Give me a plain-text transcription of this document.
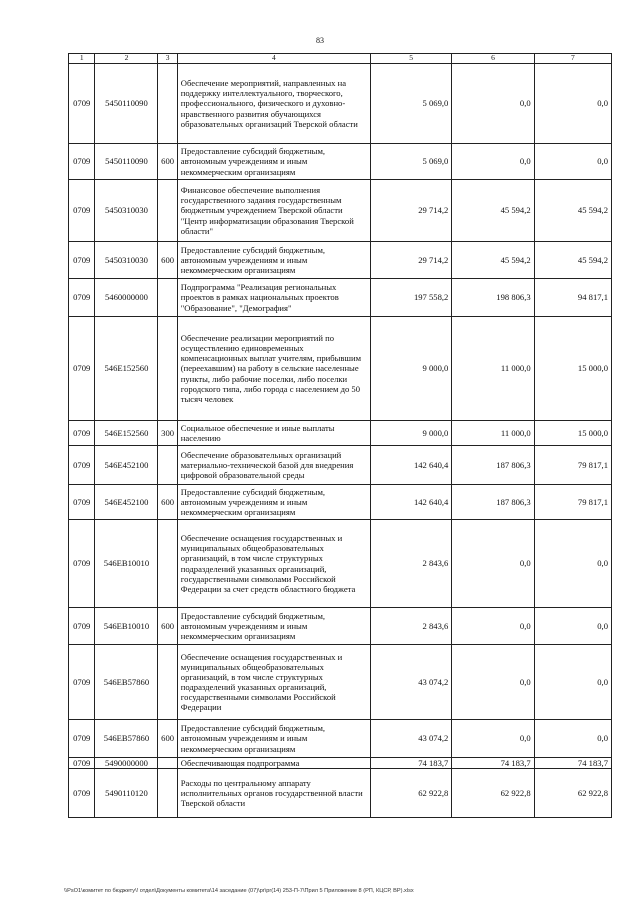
83
1	2	3	4	5	6	7
0709	5450110090		Обеспечение мероприятий, направленных на поддержку интеллектуального, творческого, профессионального, физического и духовно-нравственного развития обучающихся образовательных организаций Тверской области	5 069,0	0,0	0,0
0709	5450110090	600	Предоставление субсидий бюджетным, автономным учреждениям и иным некоммерческим организациям	5 069,0	0,0	0,0
0709	5450310030		Финансовое обеспечение выполнения государственного задания государственным бюджетным учреждением Тверской области "Центр информатизации образования Тверской области"	29 714,2	45 594,2	45 594,2
0709	5450310030	600	Предоставление субсидий бюджетным, автономным учреждениям и иным некоммерческим организациям	29 714,2	45 594,2	45 594,2
0709	5460000000		Подпрограмма "Реализация региональных проектов в рамках национальных проектов "Образование", "Демография"	197 558,2	198 806,3	94 817,1
0709	546Е152560		Обеспечение реализации мероприятий по осуществлению единовременных компенсационных выплат учителям, прибывшим (переехавшим) на работу в сельские населенные пункты, либо рабочие поселки, либо поселки городского типа, либо города с населением до 50 тысяч человек	9 000,0	11 000,0	15 000,0
0709	546Е152560	300	Социальное обеспечение и иные выплаты населению	9 000,0	11 000,0	15 000,0
0709	546Е452100		Обеспечение образовательных организаций материально-технической базой для внедрения цифровой образовательной среды	142 640,4	187 806,3	79 817,1
0709	546Е452100	600	Предоставление субсидий бюджетным, автономным учреждениям и иным некоммерческим организациям	142 640,4	187 806,3	79 817,1
0709	546ЕВ10010		Обеспечение оснащения государственных и муниципальных общеобразовательных организаций, в том числе структурных подразделений указанных организаций, государственными символами Российской Федерации за счет средств областного бюджета	2 843,6	0,0	0,0
0709	546ЕВ10010	600	Предоставление субсидий бюджетным, автономным учреждениям и иным некоммерческим организациям	2 843,6	0,0	0,0
0709	546ЕВ57860		Обеспечение оснащения государственных и муниципальных общеобразовательных организаций, в том числе структурных подразделений указанных организаций, государственными символами Российской Федерации	43 074,2	0,0	0,0
0709	546ЕВ57860	600	Предоставление субсидий бюджетным, автономным учреждениям и иным некоммерческим организациям	43 074,2	0,0	0,0
0709	5490000000		Обеспечивающая подпрограмма	74 183,7	74 183,7	74 183,7
0709	5490110120		Расходы по центральному аппарату исполнительных органов государственной власти Тверской области	62 922,8	62 922,8	62 922,8
\\PsO1\комитет по бюджету\! отдел\Документы комитета\14 заседание (07)\pr\pr(14) 253-П-7\Прил 5 Приложение 8 (РП, КЦСР, ВР).xlsx
